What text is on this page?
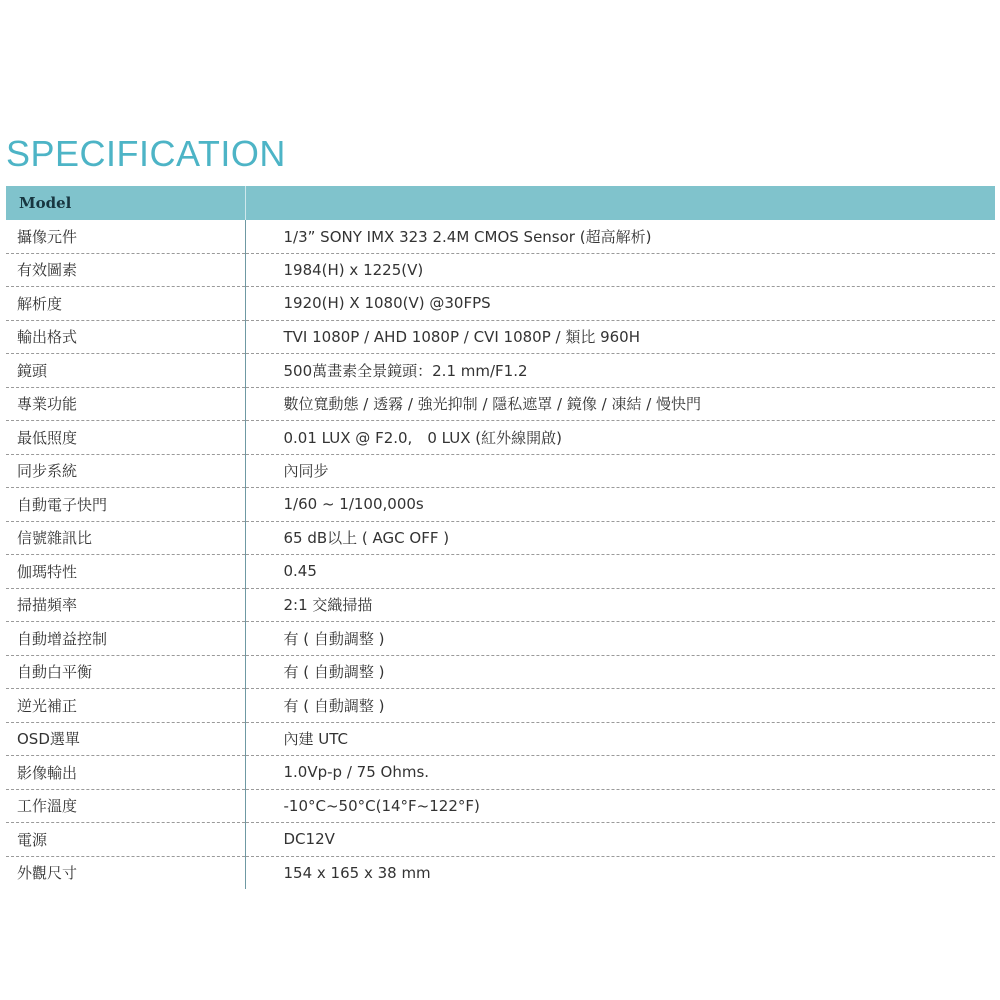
SPECIFICATION
Model	
攝像元件	1/3” SONY IMX 323 2.4M CMOS Sensor (超高解析)
有效圖素	1984(H) x 1225(V)
解析度	1920(H) X 1080(V) @30FPS
輸出格式	TVI 1080P / AHD 1080P / CVI 1080P / 類比 960H
鏡頭	500萬畫素全景鏡頭：2.1 mm/F1.2
專業功能	數位寬動態 / 透霧 / 強光抑制 / 隱私遮罩 / 鏡像 / 凍結 / 慢快門
最低照度	0.01 LUX @ F2.0,　0 LUX (紅外線開啟)
同步系統	內同步
自動電子快門	1/60 ~ 1/100,000s
信號雜訊比	65 dB以上 ( AGC OFF )
伽瑪特性	0.45
掃描頻率	2:1 交織掃描
自動增益控制	有 ( 自動調整 )
自動白平衡	有 ( 自動調整 )
逆光補正	有 ( 自動調整 )
OSD選單	內建 UTC
影像輸出	1.0Vp-p / 75 Ohms.
工作溫度	-10°C~50°C(14°F~122°F)
電源	DC12V
外觀尺寸	154 x 165 x 38 mm
